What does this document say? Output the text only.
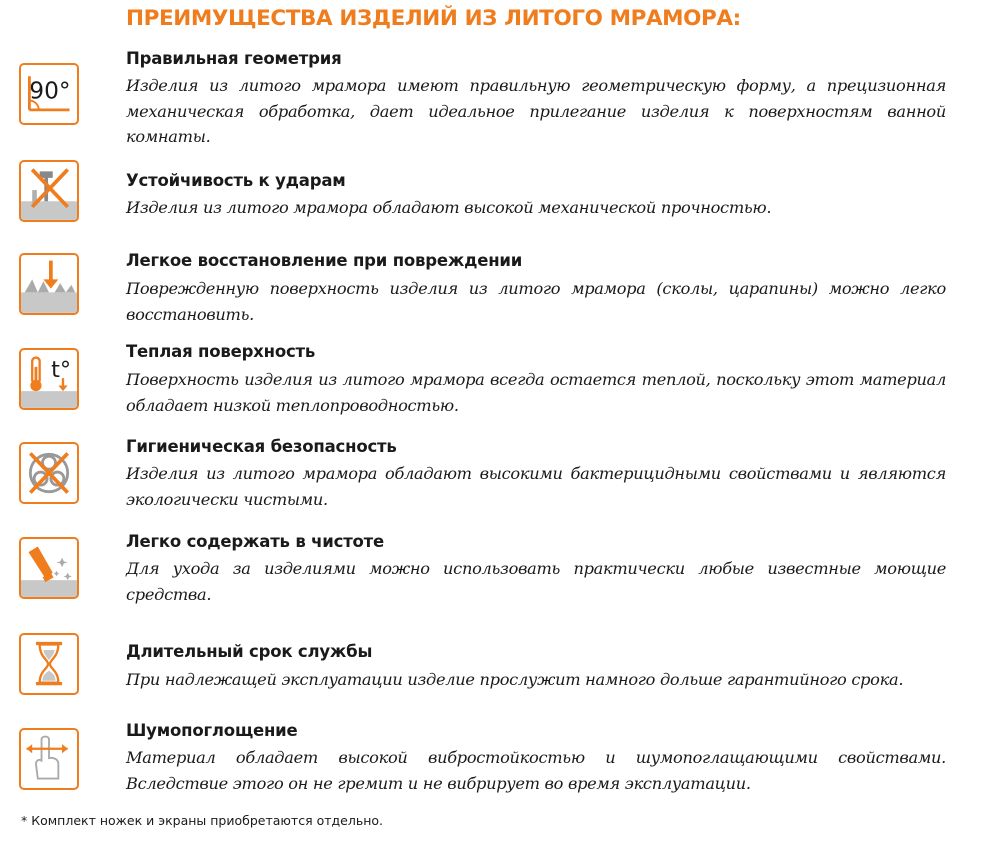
ПРЕИМУЩЕСТВА ИЗДЕЛИЙ ИЗ ЛИТОГО МРАМОРА:
90°
Правильная геометрия
Изделия из литого мрамора имеют правильную геометрическую форму, а прецизионная механическая обработка, дает идеальное прилегание изделия к поверхностям ванной комнаты.
Устойчивость к ударам
Изделия из литого мрамора обладают высокой механической прочностью.
Легкое восстановление при повреждении
Поврежденную поверхность изделия из литого мрамора (сколы, царапины) можно легко восстановить.
t°
Теплая поверхность
Поверхность изделия из литого мрамора всегда остается теплой, поскольку этот материал обладает низкой теплопроводностью.
Гигиеническая безопасность
Изделия из литого мрамора обладают высокими бактерицидными свойствами и являются экологически чистыми.
Легко содержать в чистоте
Для ухода за изделиями можно использовать практически любые известные моющие средства.
Длительный срок службы
При надлежащей эксплуатации изделие прослужит намного дольше гарантийного срока.
Шумопоглощение
Материал обладает высокой вибростойкостью и шумопоглащающими свойствами. Вследствие этого он не гремит и не вибрирует во время эксплуатации.
* Комплект ножек и экраны приобретаются отдельно.
